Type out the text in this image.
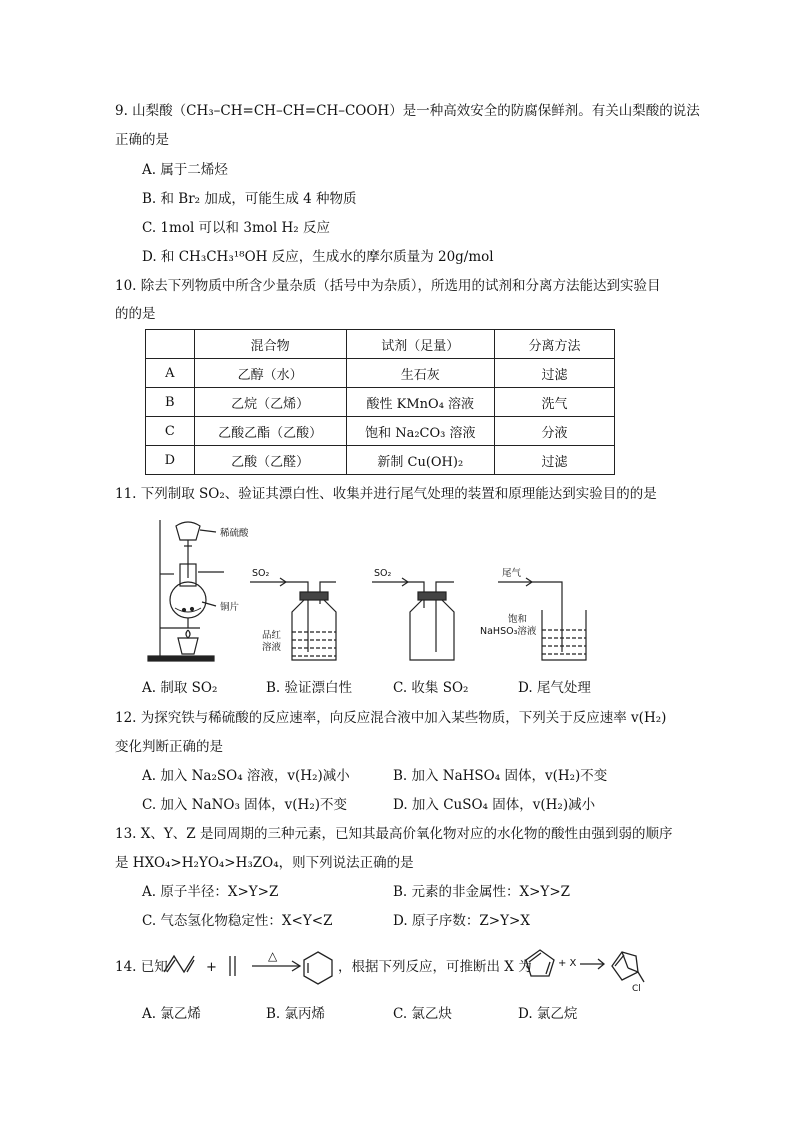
9. 山梨酸（CH₃–CH=CH–CH=CH–COOH）是一种高效安全的防腐保鲜剂。有关山梨酸的说法
正确的是
A. 属于二烯烃
B. 和 Br₂ 加成，可能生成 4 种物质
C. 1mol 可以和 3mol H₂ 反应
D. 和 CH₃CH₃¹⁸OH 反应，生成水的摩尔质量为 20g/mol
10. 除去下列物质中所含少量杂质（括号中为杂质），所选用的试剂和分离方法能达到实验目
的的是
	混合物	试剂（足量）	分离方法
A	乙醇（水）	生石灰	过滤
B	乙烷（乙烯）	酸性 KMnO₄ 溶液	洗气
C	乙酸乙酯（乙酸）	饱和 Na₂CO₃ 溶液	分液
D	乙酸（乙醛）	新制 Cu(OH)₂	过滤
11. 下列制取 SO₂、验证其漂白性、收集并进行尾气处理的装置和原理能达到实验目的的是
稀硫酸
铜片
SO₂
品红
溶液
SO₂	尾气
饱和
NaHSO₃溶液
A. 制取 SO₂	B. 验证漂白性	C. 收集 SO₂	D. 尾气处理
12. 为探究铁与稀硫酸的反应速率，向反应混合液中加入某些物质，下列关于反应速率 v(H₂)
变化判断正确的是
A. 加入 Na₂SO₄ 溶液，v(H₂)减小	B. 加入 NaHSO₄ 固体，v(H₂)不变
C. 加入 NaNO₃ 固体，v(H₂)不变	D. 加入 CuSO₄ 固体，v(H₂)减小
13. X、Y、Z 是同周期的三种元素，已知其最高价氧化物对应的水化物的酸性由强到弱的顺序
是 HXO₄>H₂YO₄>H₃ZO₄，则下列说法正确的是
A. 原子半径：X>Y>Z	B. 元素的非金属性：X>Y>Z
C. 气态氢化物稳定性：X<Y<Z	D. 原子序数：Z>Y>X
14. 已知	+
△
+ X
Cl
，根据下列反应，可推断出 X 为
A. 氯乙烯	B. 氯丙烯	C. 氯乙炔	D. 氯乙烷
